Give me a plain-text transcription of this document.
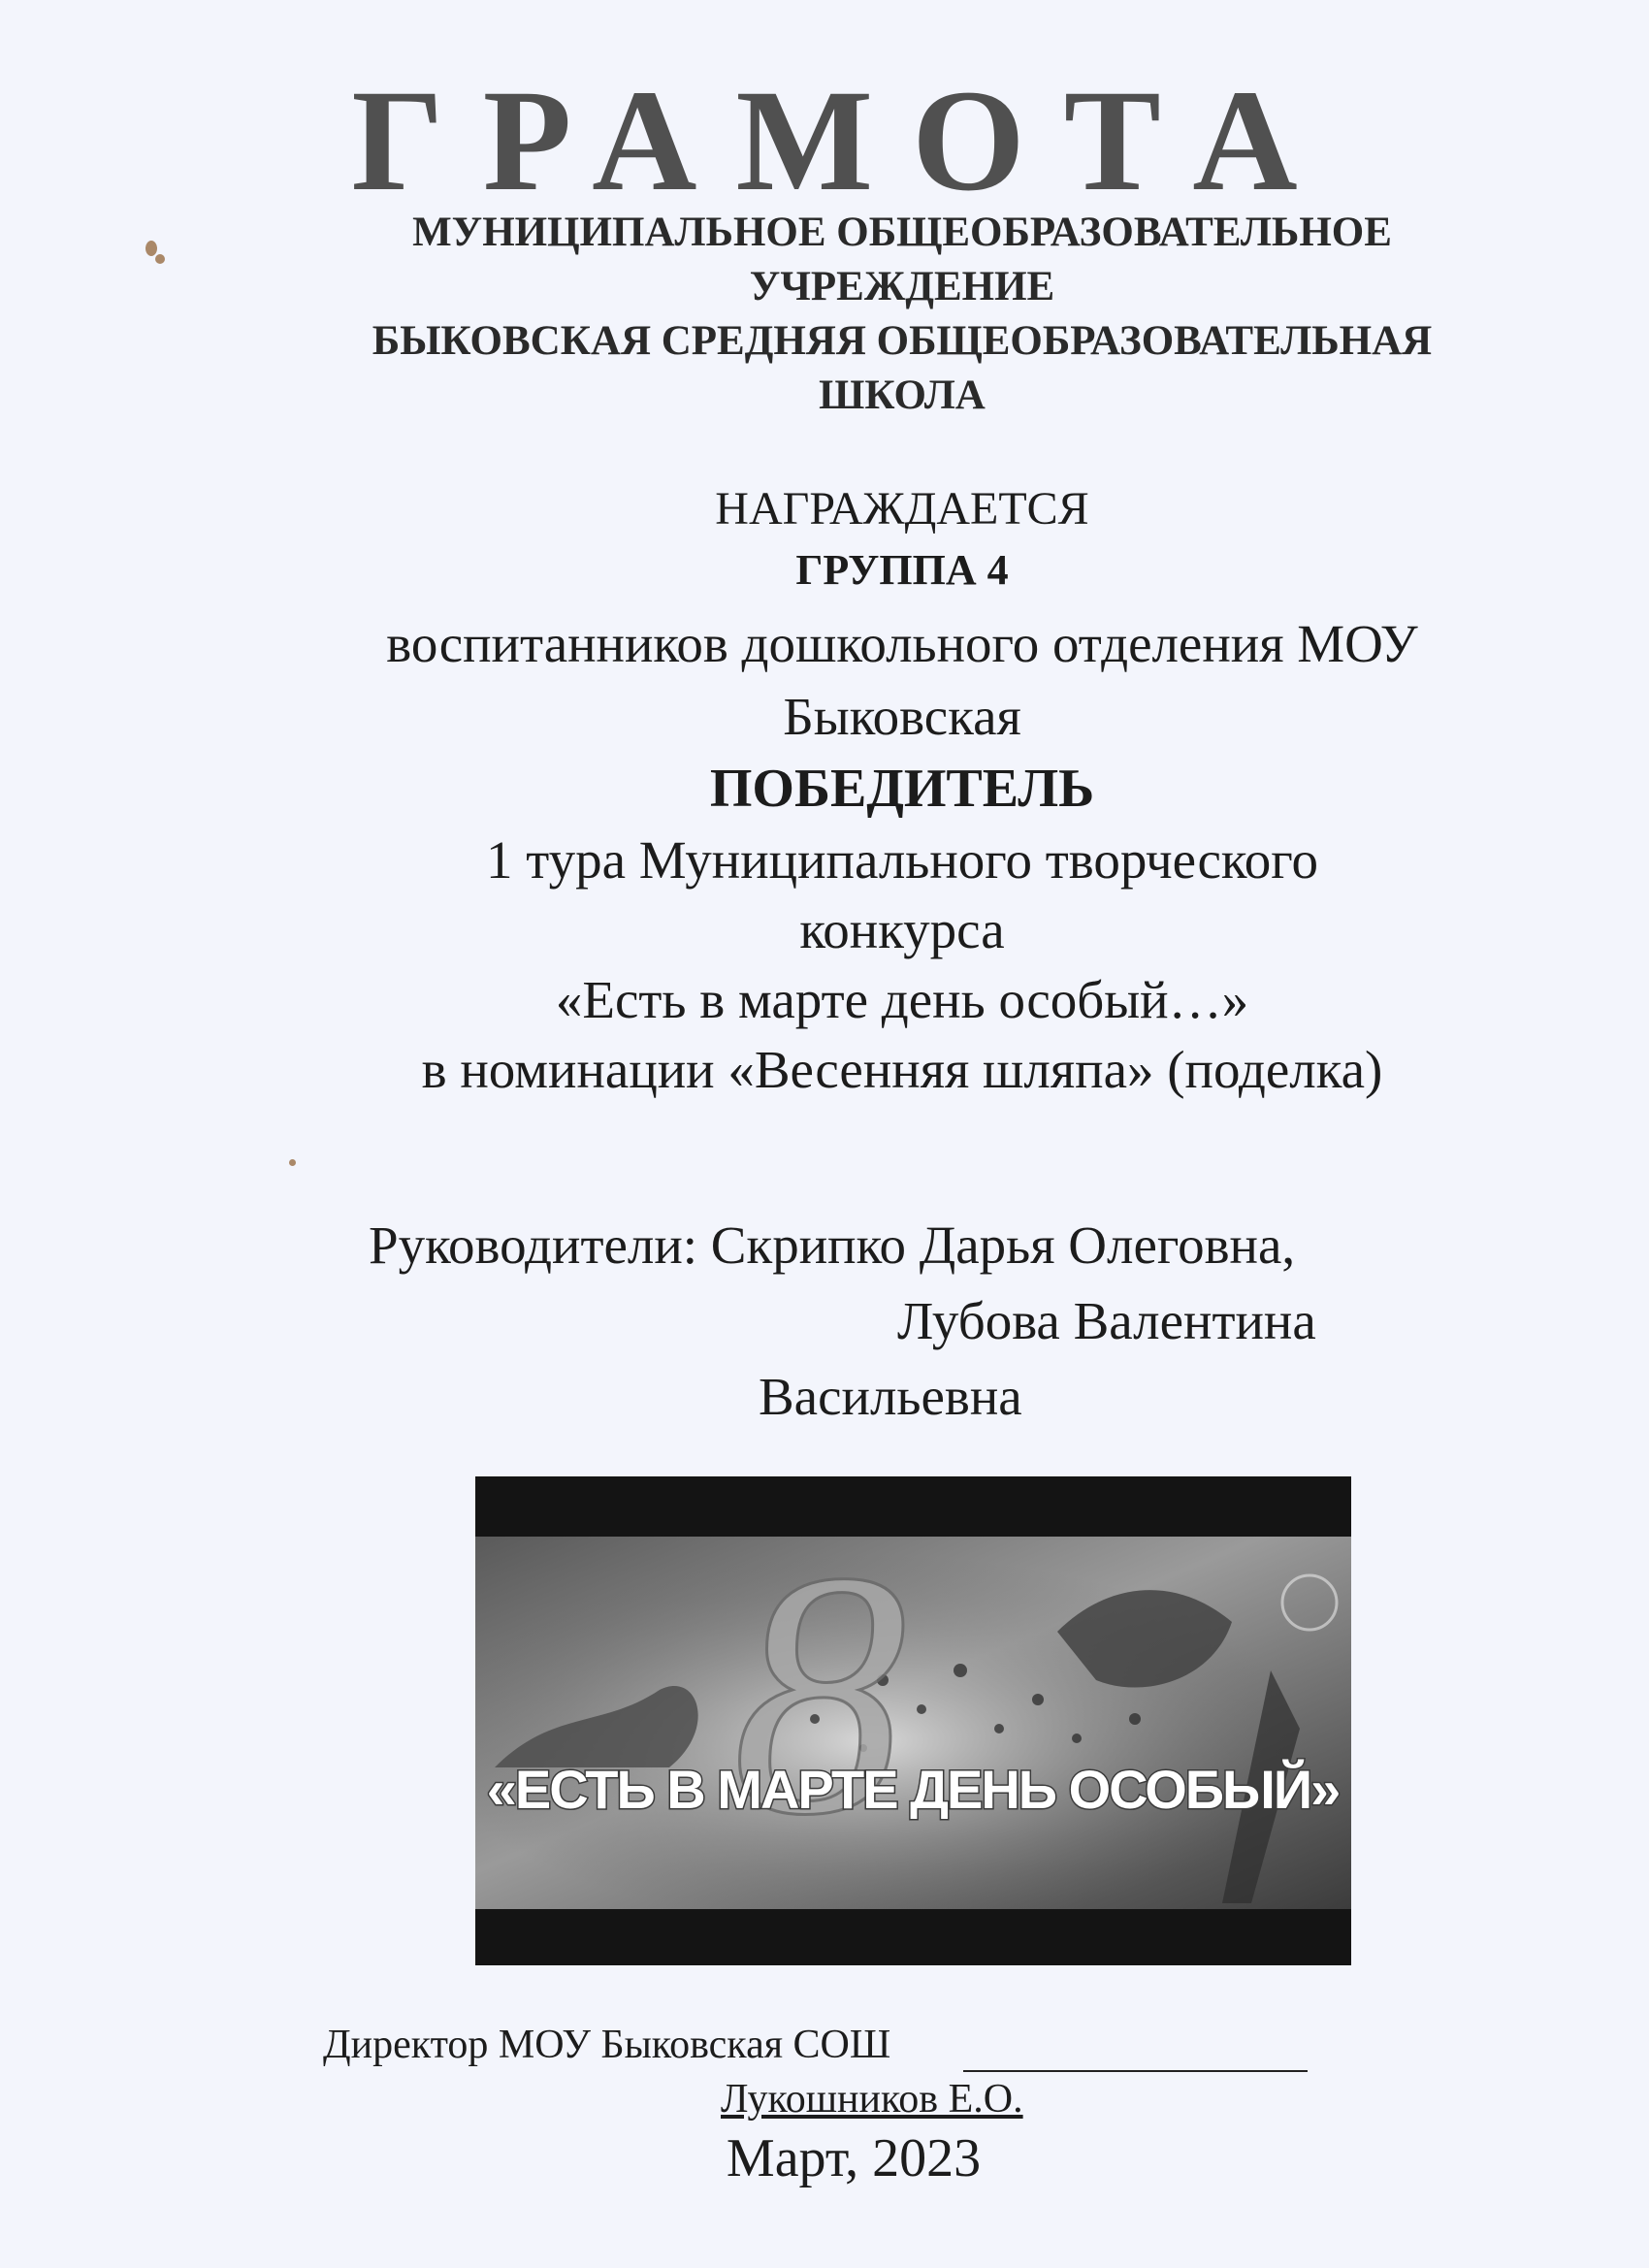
ГРАМОТА
МУНИЦИПАЛЬНОЕ ОБЩЕОБРАЗОВАТЕЛЬНОЕ
УЧРЕЖДЕНИЕ
БЫКОВСКАЯ СРЕДНЯЯ ОБЩЕОБРАЗОВАТЕЛЬНАЯ
ШКОЛА
НАГРАЖДАЕТСЯ
ГРУППА 4
воспитанников дошкольного отделения МОУ
Быковская
ПОБЕДИТЕЛЬ
1 тура Муниципального творческого
конкурса
«Есть в марте день особый…»
в номинации «Весенняя шляпа» (поделка)
Руководители: Скрипко Дарья Олеговна,
Лубова Валентина
Васильевна
8
«ЕСТЬ В МАРТЕ ДЕНЬ ОСОБЫЙ»
Директор МОУ Быковская СОШ
Лукошников Е.О.
Март, 2023
